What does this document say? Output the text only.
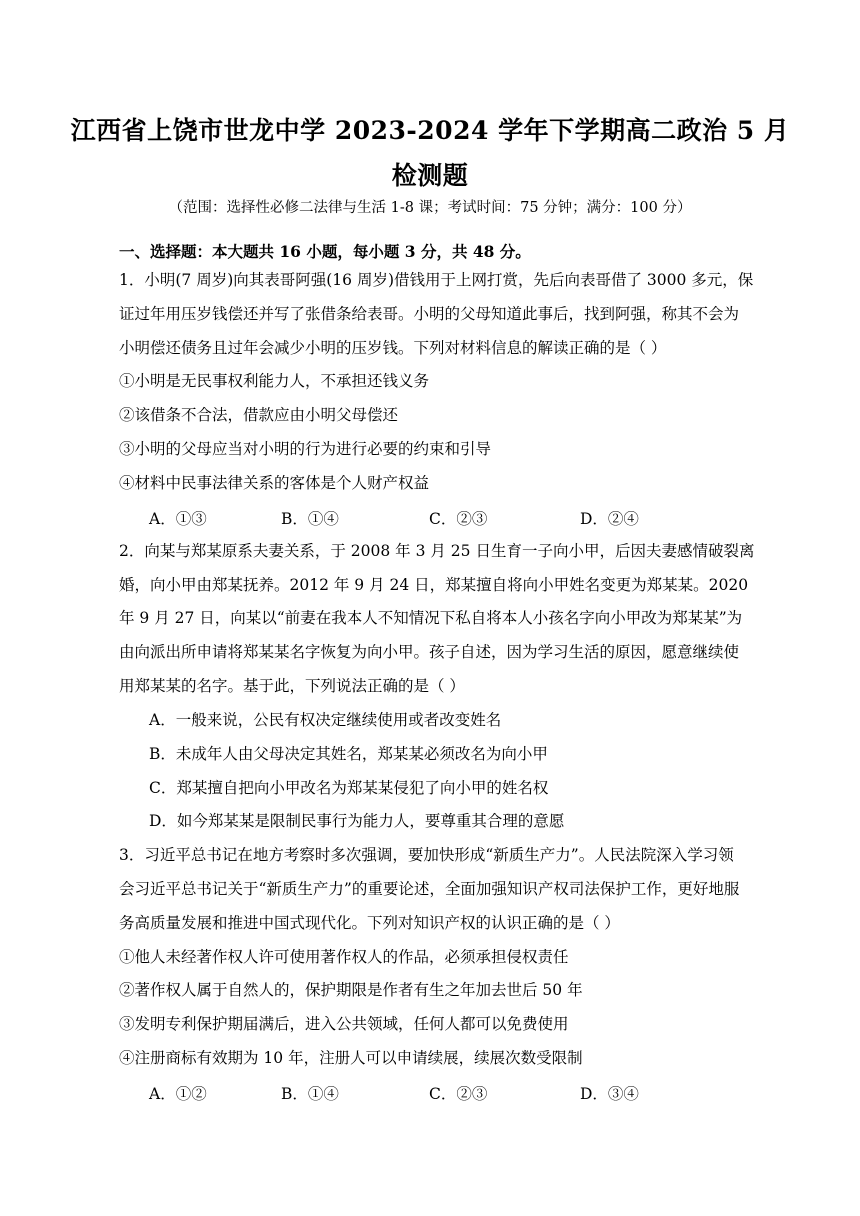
江西省上饶市世龙中学 2023-2024 学年下学期高二政治 5 月
检测题
（范围：选择性必修二法律与生活 1-8 课；考试时间：75 分钟；满分：100 分）
一、选择题：本大题共 16 小题，每小题 3 分，共 48 分。
1．小明(7 周岁)向其表哥阿强(16 周岁)借钱用于上网打赏，先后向表哥借了 3000 多元，保
证过年用压岁钱偿还并写了张借条给表哥。小明的父母知道此事后，找到阿强，称其不会为
小明偿还债务且过年会减少小明的压岁钱。下列对材料信息的解读正确的是（ ）
①小明是无民事权利能力人，不承担还钱义务
②该借条不合法，借款应由小明父母偿还
③小明的父母应当对小明的行为进行必要的约束和引导
④材料中民事法律关系的客体是个人财产权益
A．①③	B．①④	C．②③	D．②④
2．向某与郑某原系夫妻关系，于 2008 年 3 月 25 日生育一子向小甲，后因夫妻感情破裂离
婚，向小甲由郑某抚养。2012 年 9 月 24 日，郑某擅自将向小甲姓名变更为郑某某。2020
年 9 月 27 日，向某以“前妻在我本人不知情况下私自将本人小孩名字向小甲改为郑某某”为
由向派出所申请将郑某某名字恢复为向小甲。孩子自述，因为学习生活的原因，愿意继续使
用郑某某的名字。基于此，下列说法正确的是（ ）
A．一般来说，公民有权决定继续使用或者改变姓名
B．未成年人由父母决定其姓名，郑某某必须改名为向小甲
C．郑某擅自把向小甲改名为郑某某侵犯了向小甲的姓名权
D．如今郑某某是限制民事行为能力人，要尊重其合理的意愿
3．习近平总书记在地方考察时多次强调，要加快形成“新质生产力”。人民法院深入学习领
会习近平总书记关于“新质生产力”的重要论述，全面加强知识产权司法保护工作，更好地服
务高质量发展和推进中国式现代化。下列对知识产权的认识正确的是（ ）
①他人未经著作权人许可使用著作权人的作品，必须承担侵权责任
②著作权人属于自然人的，保护期限是作者有生之年加去世后 50 年
③发明专利保护期届满后，进入公共领域，任何人都可以免费使用
④注册商标有效期为 10 年，注册人可以申请续展，续展次数受限制
A．①②	B．①④	C．②③	D．③④
